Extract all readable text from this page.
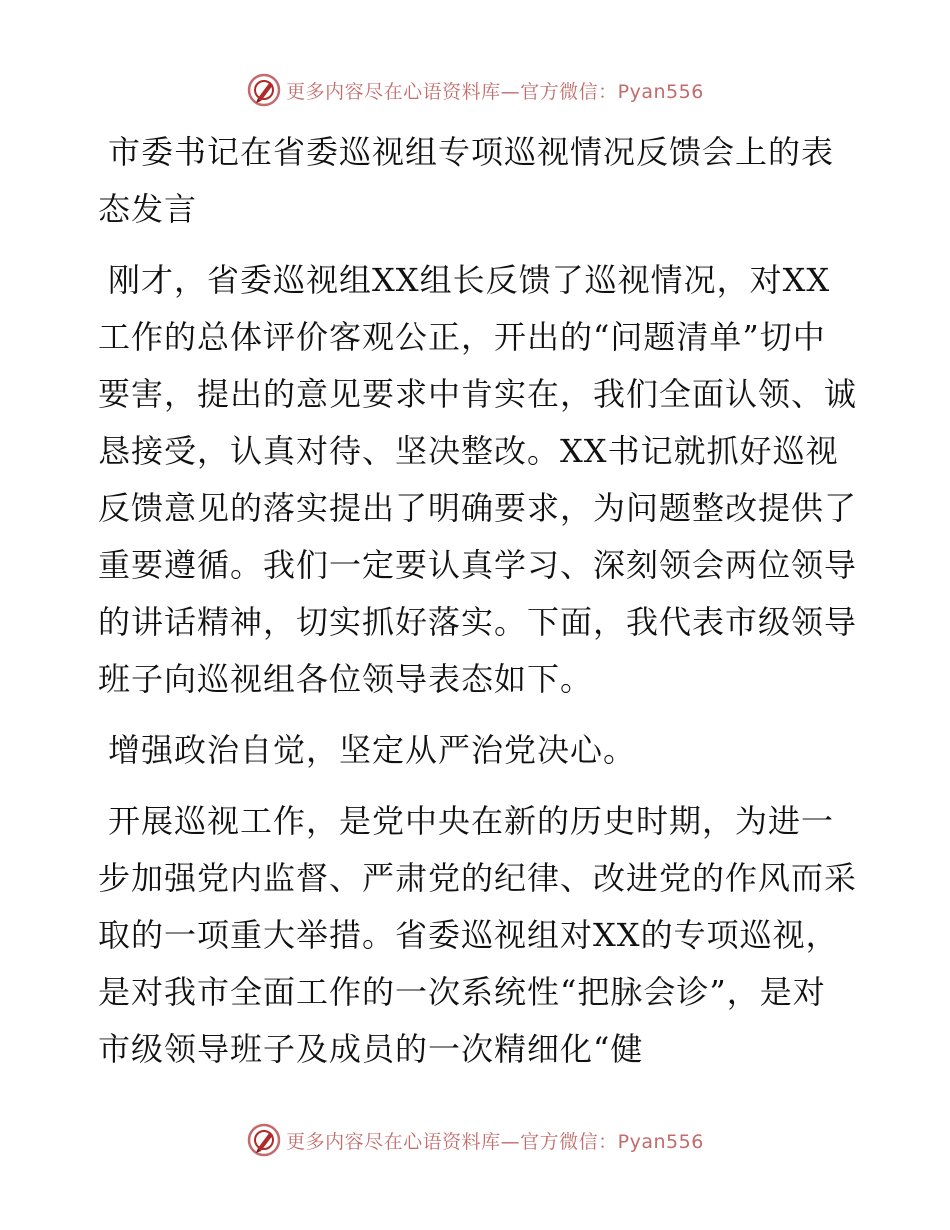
更多内容尽在心语资料库—官方微信：Pyan556

市委书记在省委巡视组专项巡视情况反馈会上的表态发言

刚才，省委巡视组XX组长反馈了巡视情况，对XX工作的总体评价客观公正，开出的“问题清单”切中要害，提出的意见要求中肯实在，我们全面认领、诚恳接受，认真对待、坚决整改。XX书记就抓好巡视反馈意见的落实提出了明确要求，为问题整改提供了重要遵循。我们一定要认真学习、深刻领会两位领导的讲话精神，切实抓好落实。下面，我代表市级领导班子向巡视组各位领导表态如下。

增强政治自觉，坚定从严治党决心。

开展巡视工作，是党中央在新的历史时期，为进一步加强党内监督、严肃党的纪律、改进党的作风而采取的一项重大举措。省委巡视组对XX的专项巡视，是对我市全面工作的一次系统性“把脉会诊”，是对市级领导班子及成员的一次精细化“健

更多内容尽在心语资料库—官方微信：Pyan556
